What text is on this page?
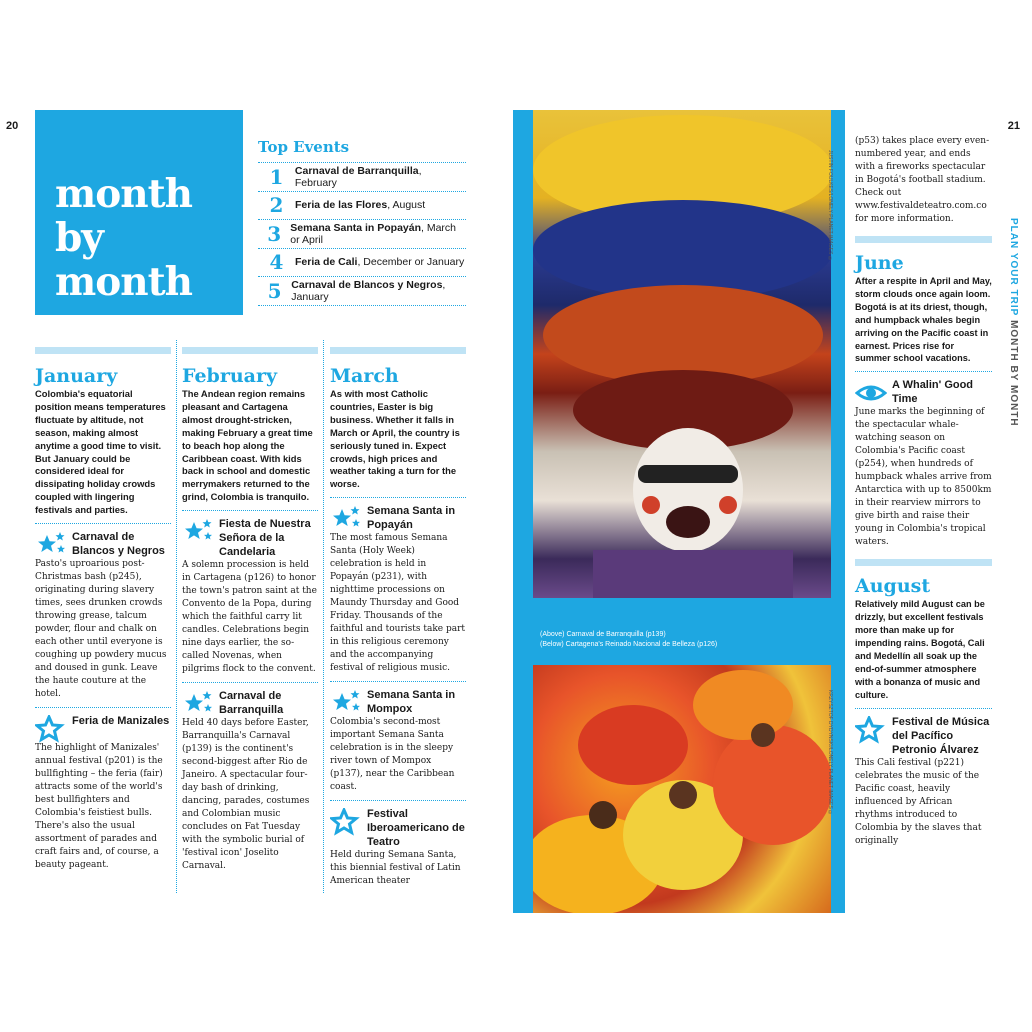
20	21
month
by
month
Top Events
1	Carnaval de Barranquilla, February
2	Feria de las Flores, August
3 Semana Santa in Popayán, March or April
4	Feria de Cali, December or January
5 Carnaval de Blancos y Negros, January
January

Colombia's equatorial position means temperatures fluctuate by altitude, not season, making almost anytime a good time to visit. But January could be considered ideal for dissipating holiday crowds coupled with lingering festivals and parties.

Carnaval de Blancos y Negros

Pasto's uproarious post-Christmas bash (p245), originating during slavery times, sees drunken crowds throwing grease, talcum powder, flour and chalk on each other until everyone is coughing up powdery mucus and doused in gunk. Leave the haute couture at the hotel.

Feria de Manizales

The highlight of Manizales' annual festival (p201) is the bullfighting – the feria (fair) attracts some of the world's best bullfighters and Colombia's feistiest bulls. There's also the usual assortment of parades and craft fairs and, of course, a beauty pageant.

February

The Andean region remains pleasant and Cartagena almost drought-stricken, making February a great time to beach hop along the Caribbean coast. With kids back in school and domestic merrymakers returned to the grind, Colombia is tranquilo.

Fiesta de Nuestra Señora de la Candelaria

A solemn procession is held in Cartagena (p126) to honor the town's patron saint at the Convento de la Popa, during which the faithful carry lit candles. Celebrations begin nine days earlier, the so-called Novenas, when pilgrims flock to the convent.

Carnaval de Barranquilla

Held 40 days before Easter, Barranquilla's Carnaval (p139) is the continent's second-biggest after Rio de Janeiro. A spectacular four-day bash of drinking, dancing, parades, costumes and Colombian music concludes on Fat Tuesday with the symbolic burial of 'festival icon' Joselito Carnaval.

March

As with most Catholic countries, Easter is big business. Whether it falls in March or April, the country is seriously tuned in. Expect crowds, high prices and weather taking a turn for the worse.

Semana Santa in Popayán

The most famous Semana Santa (Holy Week) celebration is held in Popayán (p231), with nighttime processions on Maundy Thursday and Good Friday. Thousands of the faithful and tourists take part in this religious ceremony and the accompanying festival of religious music.

Semana Santa in Mompox

Colombia's second-most important Semana Santa celebration is in the sleepy river town of Mompox (p137), near the Caribbean coast.

Festival Iberoamericano de Teatro

Held during Semana Santa, this biennial festival of Latin American theater

JUSTIN FOULKES/LONELY PLANET IMAGES ©
KRZYSZTOF DYDYNSKI/LONELY PLANET IMAGES ©
(Above) Carnaval de Barranquilla (p139)
(Below) Cartagena's Reinado Nacional de Belleza (p126)

(p53) takes place every even-numbered year, and ends with a fireworks spectacular in Bogotá's football stadium. Check out www.festivaldeteatro.com.co for more information.

June

After a respite in April and May, storm clouds once again loom. Bogotá is at its driest, though, and humpback whales begin arriving on the Pacific coast in earnest. Prices rise for summer school vacations.

A Whalin' Good Time

June marks the beginning of the spectacular whale-watching season on Colombia's Pacific coast (p254), when hundreds of humpback whales arrive from Antarctica with up to 8500km in their rearview mirrors to give birth and raise their young in Colombia's tropical waters.

August

Relatively mild August can be drizzly, but excellent festivals more than make up for impending rains. Bogotá, Cali and Medellín all soak up the end-of-summer atmosphere with a bonanza of music and culture.

Festival de Música del Pacífico Petronio Álvarez

This Cali festival (p221) celebrates the music of the Pacific coast, heavily influenced by African rhythms introduced to Colombia by the slaves that originally

PLAN YOUR TRIP MONTH BY MONTH
